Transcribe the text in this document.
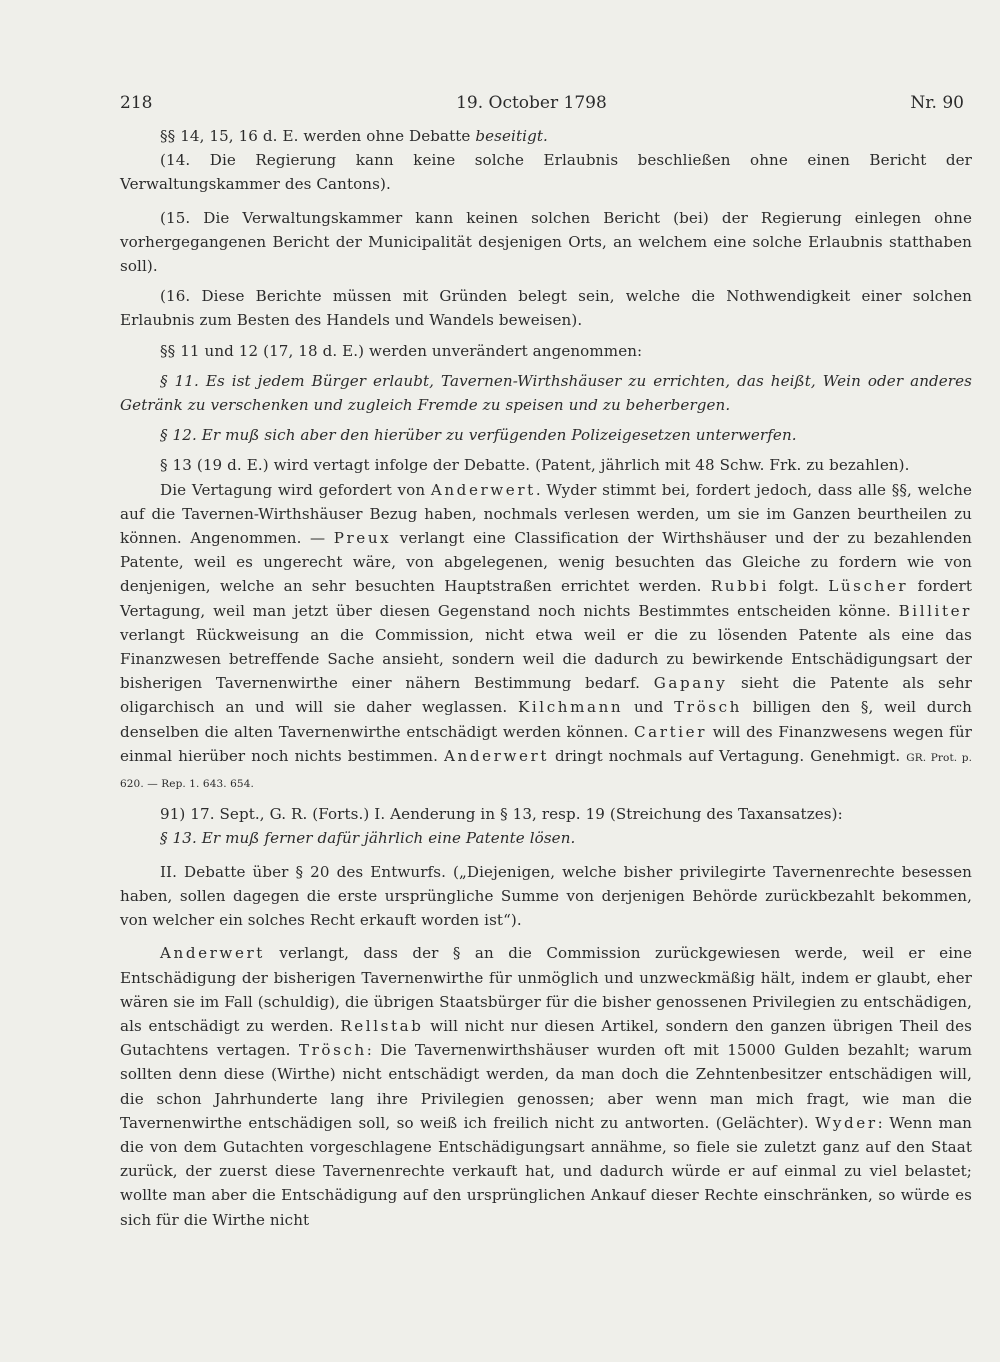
218	19. October 1798	Nr. 90

§§ 14, 15, 16 d. E. werden ohne Debatte beseitigt.

(14. Die Regierung kann keine solche Erlaubnis beschließen ohne einen Bericht der Verwaltungskammer des Cantons).

(15. Die Verwaltungskammer kann keinen solchen Bericht (bei) der Regierung einlegen ohne vorhergegangenen Bericht der Municipalität desjenigen Orts, an welchem eine solche Erlaubnis statthaben soll).

(16. Diese Berichte müssen mit Gründen belegt sein, welche die Nothwendigkeit einer solchen Erlaubnis zum Besten des Handels und Wandels beweisen).

§§ 11 und 12 (17, 18 d. E.) werden unverändert angenommen:

§ 11. Es ist jedem Bürger erlaubt, Tavernen-Wirthshäuser zu errichten, das heißt, Wein oder anderes Getränk zu verschenken und zugleich Fremde zu speisen und zu beherbergen.

§ 12. Er muß sich aber den hierüber zu verfügenden Polizeigesetzen unterwerfen.

§ 13 (19 d. E.) wird vertagt infolge der Debatte. (Patent, jährlich mit 48 Schw. Frk. zu bezahlen).

Die Vertagung wird gefordert von Anderwert. Wyder stimmt bei, fordert jedoch, dass alle §§, welche auf die Tavernen-Wirthshäuser Bezug haben, nochmals verlesen werden, um sie im Ganzen beurtheilen zu können. Angenommen. — Preux verlangt eine Classification der Wirthshäuser und der zu bezahlenden Patente, weil es ungerecht wäre, von abgelegenen, wenig besuchten das Gleiche zu fordern wie von denjenigen, welche an sehr besuchten Hauptstraßen errichtet werden. Rubbi folgt. Lüscher fordert Vertagung, weil man jetzt über diesen Gegenstand noch nichts Bestimmtes entscheiden könne. Billiter verlangt Rückweisung an die Commission, nicht etwa weil er die zu lösenden Patente als eine das Finanzwesen betreffende Sache ansieht, sondern weil die dadurch zu bewirkende Entschädigungsart der bisherigen Tavernenwirthe einer nähern Bestimmung bedarf. Gapany sieht die Patente als sehr oligarchisch an und will sie daher weglassen. Kilchmann und Trösch billigen den §, weil durch denselben die alten Tavernenwirthe entschädigt werden können. Cartier will des Finanzwesens wegen für einmal hierüber noch nichts bestimmen. Anderwert dringt nochmals auf Vertagung. Genehmigt. GR. Prot. p. 620. — Rep. 1. 643. 654.

91) 17. Sept., G. R. (Forts.) I. Aenderung in § 13, resp. 19 (Streichung des Taxansatzes):

§ 13. Er muß ferner dafür jährlich eine Patente lösen.

II. Debatte über § 20 des Entwurfs. („Diejenigen, welche bisher privilegirte Tavernenrechte besessen haben, sollen dagegen die erste ursprüngliche Summe von derjenigen Behörde zurückbezahlt bekommen, von welcher ein solches Recht erkauft worden ist“).

Anderwert verlangt, dass der § an die Commission zurückgewiesen werde, weil er eine Entschädigung der bisherigen Tavernenwirthe für unmöglich und unzweckmäßig hält, indem er glaubt, eher wären sie im Fall (schuldig), die übrigen Staatsbürger für die bisher genossenen Privilegien zu entschädigen, als entschädigt zu werden. Rellstab will nicht nur diesen Artikel, sondern den ganzen übrigen Theil des Gutachtens vertagen. Trösch: Die Tavernenwirthshäuser wurden oft mit 15000 Gulden bezahlt; warum sollten denn diese (Wirthe) nicht entschädigt werden, da man doch die Zehntenbesitzer entschädigen will, die schon Jahrhunderte lang ihre Privilegien genossen; aber wenn man mich fragt, wie man die Tavernenwirthe entschädigen soll, so weiß ich freilich nicht zu antworten. (Gelächter). Wyder: Wenn man die von dem Gutachten vorgeschlagene Entschädigungsart annähme, so fiele sie zuletzt ganz auf den Staat zurück, der zuerst diese Tavernenrechte verkauft hat, und dadurch würde er auf einmal zu viel belastet; wollte man aber die Entschädigung auf den ursprünglichen Ankauf dieser Rechte einschränken, so würde es sich für die Wirthe nicht
